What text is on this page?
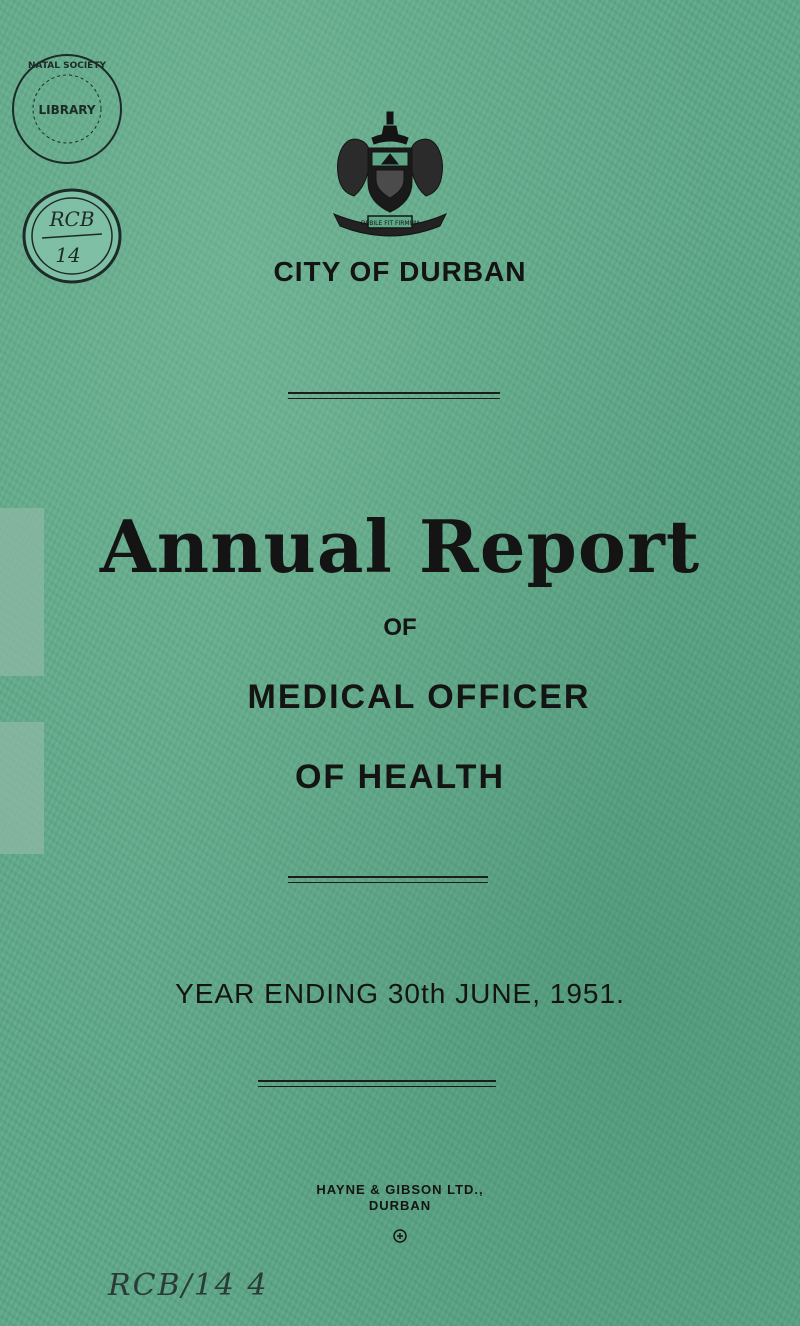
NATAL SOCIETY
LIBRARY
RCB
14
DEBILE FIT FIRMUM
CITY OF DURBAN
Annual Report
OF
MEDICAL OFFICER
OF HEALTH
YEAR ENDING 30th JUNE, 1951.
HAYNE & GIBSON LTD.,
DURBAN
RCB/14 4
